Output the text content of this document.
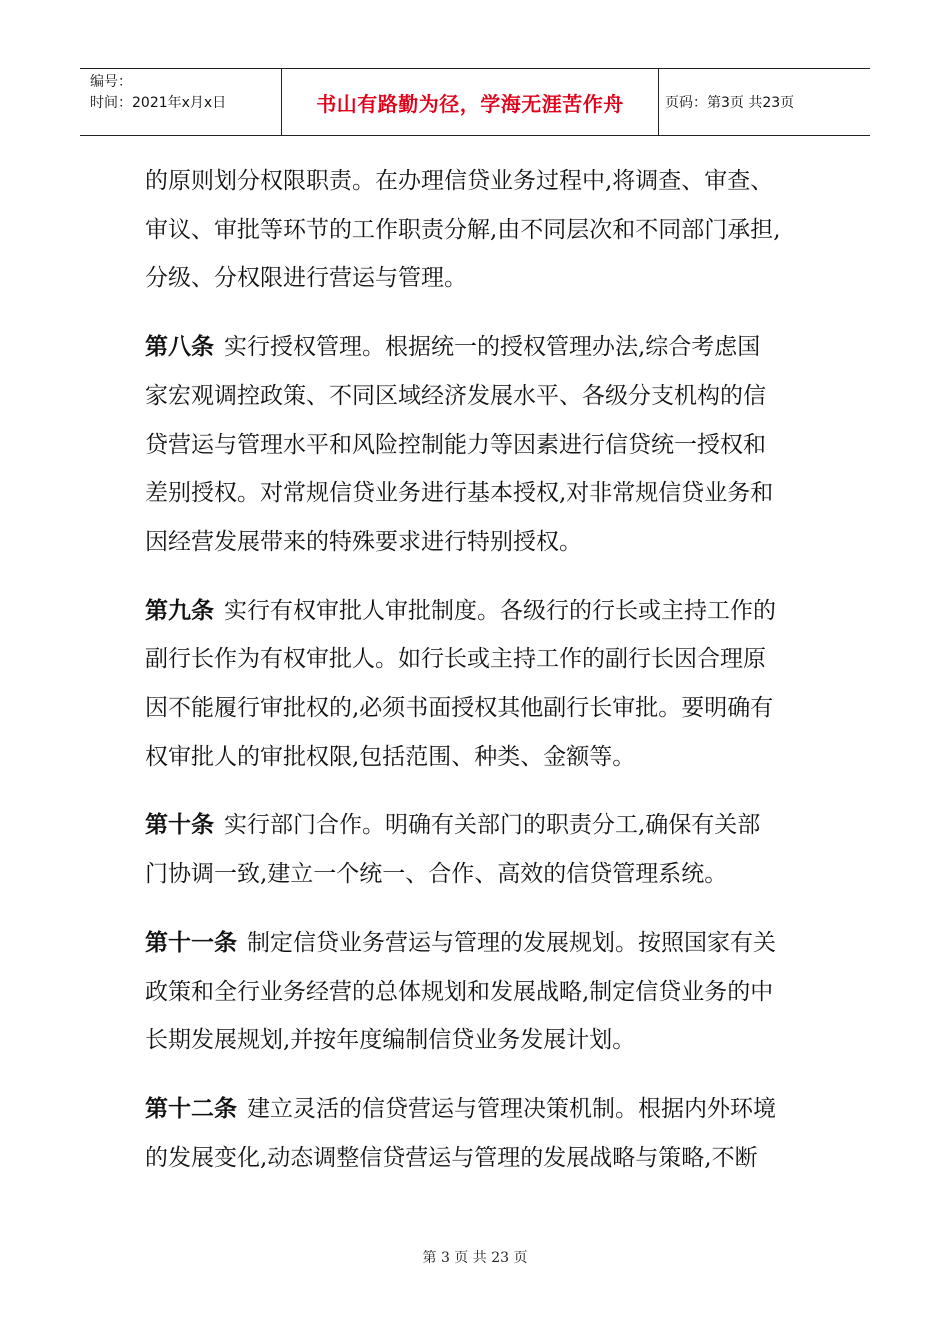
编号：
时间：2021年x月x日	书山有路勤为径，学海无涯苦作舟	页码：第3页 共23页
的原则划分权限职责。在办理信贷业务过程中,将调查、审查、
审议、审批等环节的工作职责分解,由不同层次和不同部门承担,
分级、分权限进行营运与管理。
第八条 实行授权管理。根据统一的授权管理办法,综合考虑国
家宏观调控政策、不同区域经济发展水平、各级分支机构的信
贷营运与管理水平和风险控制能力等因素进行信贷统一授权和
差别授权。对常规信贷业务进行基本授权,对非常规信贷业务和
因经营发展带来的特殊要求进行特别授权。
第九条 实行有权审批人审批制度。各级行的行长或主持工作的
副行长作为有权审批人。如行长或主持工作的副行长因合理原
因不能履行审批权的,必须书面授权其他副行长审批。要明确有
权审批人的审批权限,包括范围、种类、金额等。
第十条 实行部门合作。明确有关部门的职责分工,确保有关部
门协调一致,建立一个统一、合作、高效的信贷管理系统。
第十一条 制定信贷业务营运与管理的发展规划。按照国家有关
政策和全行业务经营的总体规划和发展战略,制定信贷业务的中
长期发展规划,并按年度编制信贷业务发展计划。
第十二条 建立灵活的信贷营运与管理决策机制。根据内外环境
的发展变化,动态调整信贷营运与管理的发展战略与策略,不断
第 3 页 共 23 页
